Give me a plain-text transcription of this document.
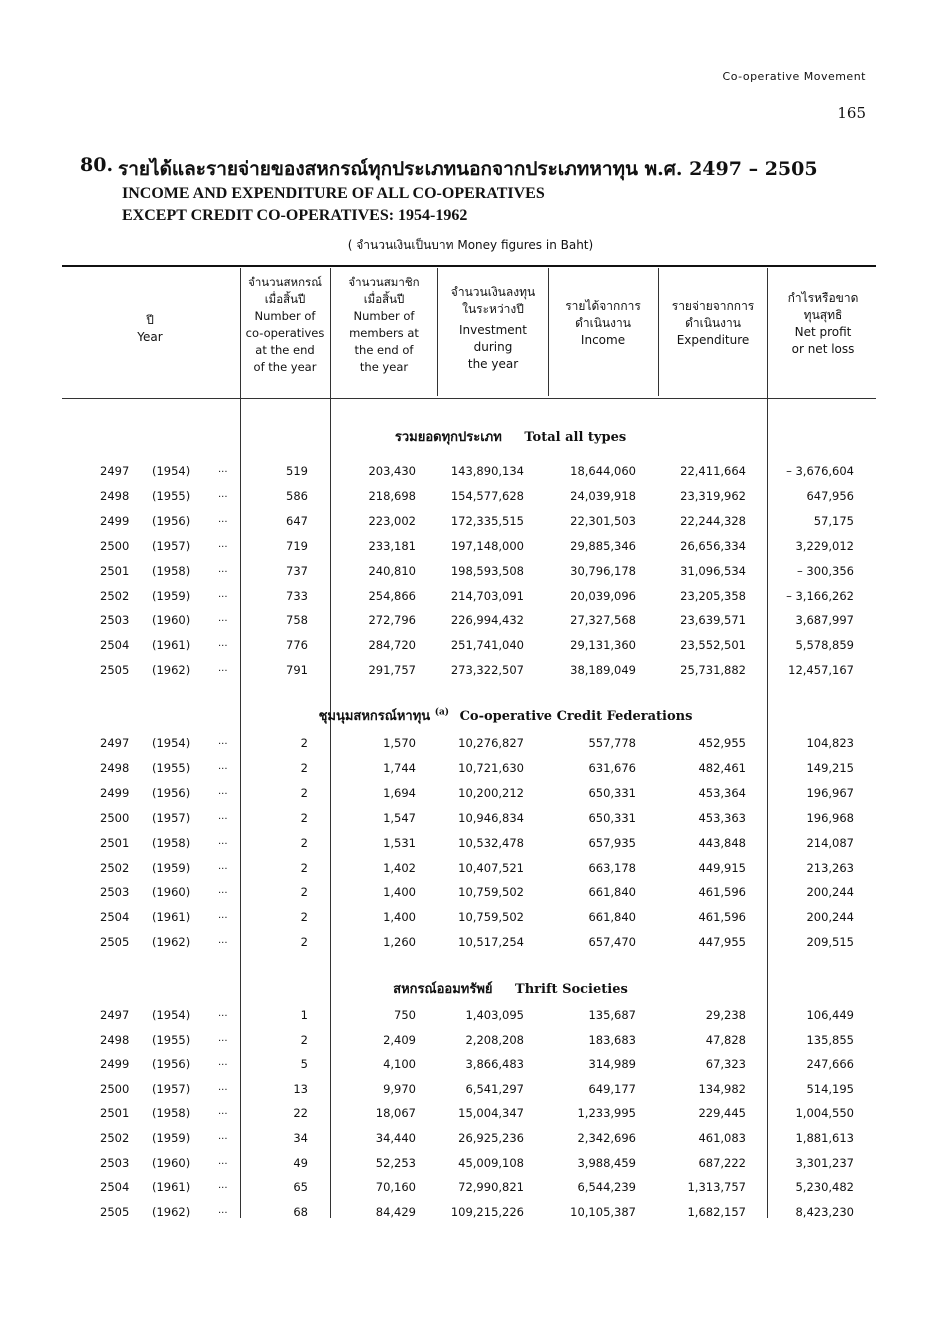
Co-operative Movement
165
80. รายได้และรายจ่ายของสหกรณ์ทุกประเภทนอกจากประเภทหาทุน พ.ศ. 2497 – 2505
INCOME AND EXPENDITURE OF ALL CO-OPERATIVES
EXCEPT CREDIT CO-OPERATIVES: 1954-1962
( จำนวนเงินเป็นบาท Money figures in Baht)
ปี
Year
จำนวนสหกรณ์
เมื่อสิ้นปี
Number of
co-operatives
at the end
of the year
จำนวนสมาชิก
เมื่อสิ้นปี
Number of
members at
the end of
the year
จำนวนเงินลงทุน
ในระหว่างปี
Investment
during
the year
รายได้จากการ
ดำเนินงาน
Income
รายจ่ายจากการ
ดำเนินงาน
Expenditure
กำไรหรือขาด
ทุนสุทธิ
Net profit
or net loss
รวมยอดทุกประเภท Total all types
ชุมนุมสหกรณ์หาทุน $^{(a)}$ Co-operative Credit Federations
สหกรณ์ออมทรัพย์ Thrift Societies
2497	(1954)	...	519	203,430	143,890,134	18,644,060	22,411,664	– 3,676,604
2498	(1955)	...	586	218,698	154,577,628	24,039,918	23,319,962	647,956
2499	(1956)	...	647	223,002	172,335,515	22,301,503	22,244,328	57,175
2500	(1957)	...	719	233,181	197,148,000	29,885,346	26,656,334	3,229,012
2501	(1958)	...	737	240,810	198,593,508	30,796,178	31,096,534	– 300,356
2502	(1959)	...	733	254,866	214,703,091	20,039,096	23,205,358	– 3,166,262
2503	(1960)	...	758	272,796	226,994,432	27,327,568	23,639,571	3,687,997
2504	(1961)	...	776	284,720	251,741,040	29,131,360	23,552,501	5,578,859
2505	(1962)	...	791	291,757	273,322,507	38,189,049	25,731,882	12,457,167
2497	(1954)	...	2	1,570	10,276,827	557,778	452,955	104,823
2498	(1955)	...	2	1,744	10,721,630	631,676	482,461	149,215
2499	(1956)	...	2	1,694	10,200,212	650,331	453,364	196,967
2500	(1957)	...	2	1,547	10,946,834	650,331	453,363	196,968
2501	(1958)	...	2	1,531	10,532,478	657,935	443,848	214,087
2502	(1959)	...	2	1,402	10,407,521	663,178	449,915	213,263
2503	(1960)	...	2	1,400	10,759,502	661,840	461,596	200,244
2504	(1961)	...	2	1,400	10,759,502	661,840	461,596	200,244
2505	(1962)	...	2	1,260	10,517,254	657,470	447,955	209,515
2497	(1954)	...	1	750	1,403,095	135,687	29,238	106,449
2498	(1955)	...	2	2,409	2,208,208	183,683	47,828	135,855
2499	(1956)	...	5	4,100	3,866,483	314,989	67,323	247,666
2500	(1957)	...	13	9,970	6,541,297	649,177	134,982	514,195
2501	(1958)	...	22	18,067	15,004,347	1,233,995	229,445	1,004,550
2502	(1959)	...	34	34,440	26,925,236	2,342,696	461,083	1,881,613
2503	(1960)	...	49	52,253	45,009,108	3,988,459	687,222	3,301,237
2504	(1961)	...	65	70,160	72,990,821	6,544,239	1,313,757	5,230,482
2505	(1962)	...	68	84,429	109,215,226	10,105,387	1,682,157	8,423,230
